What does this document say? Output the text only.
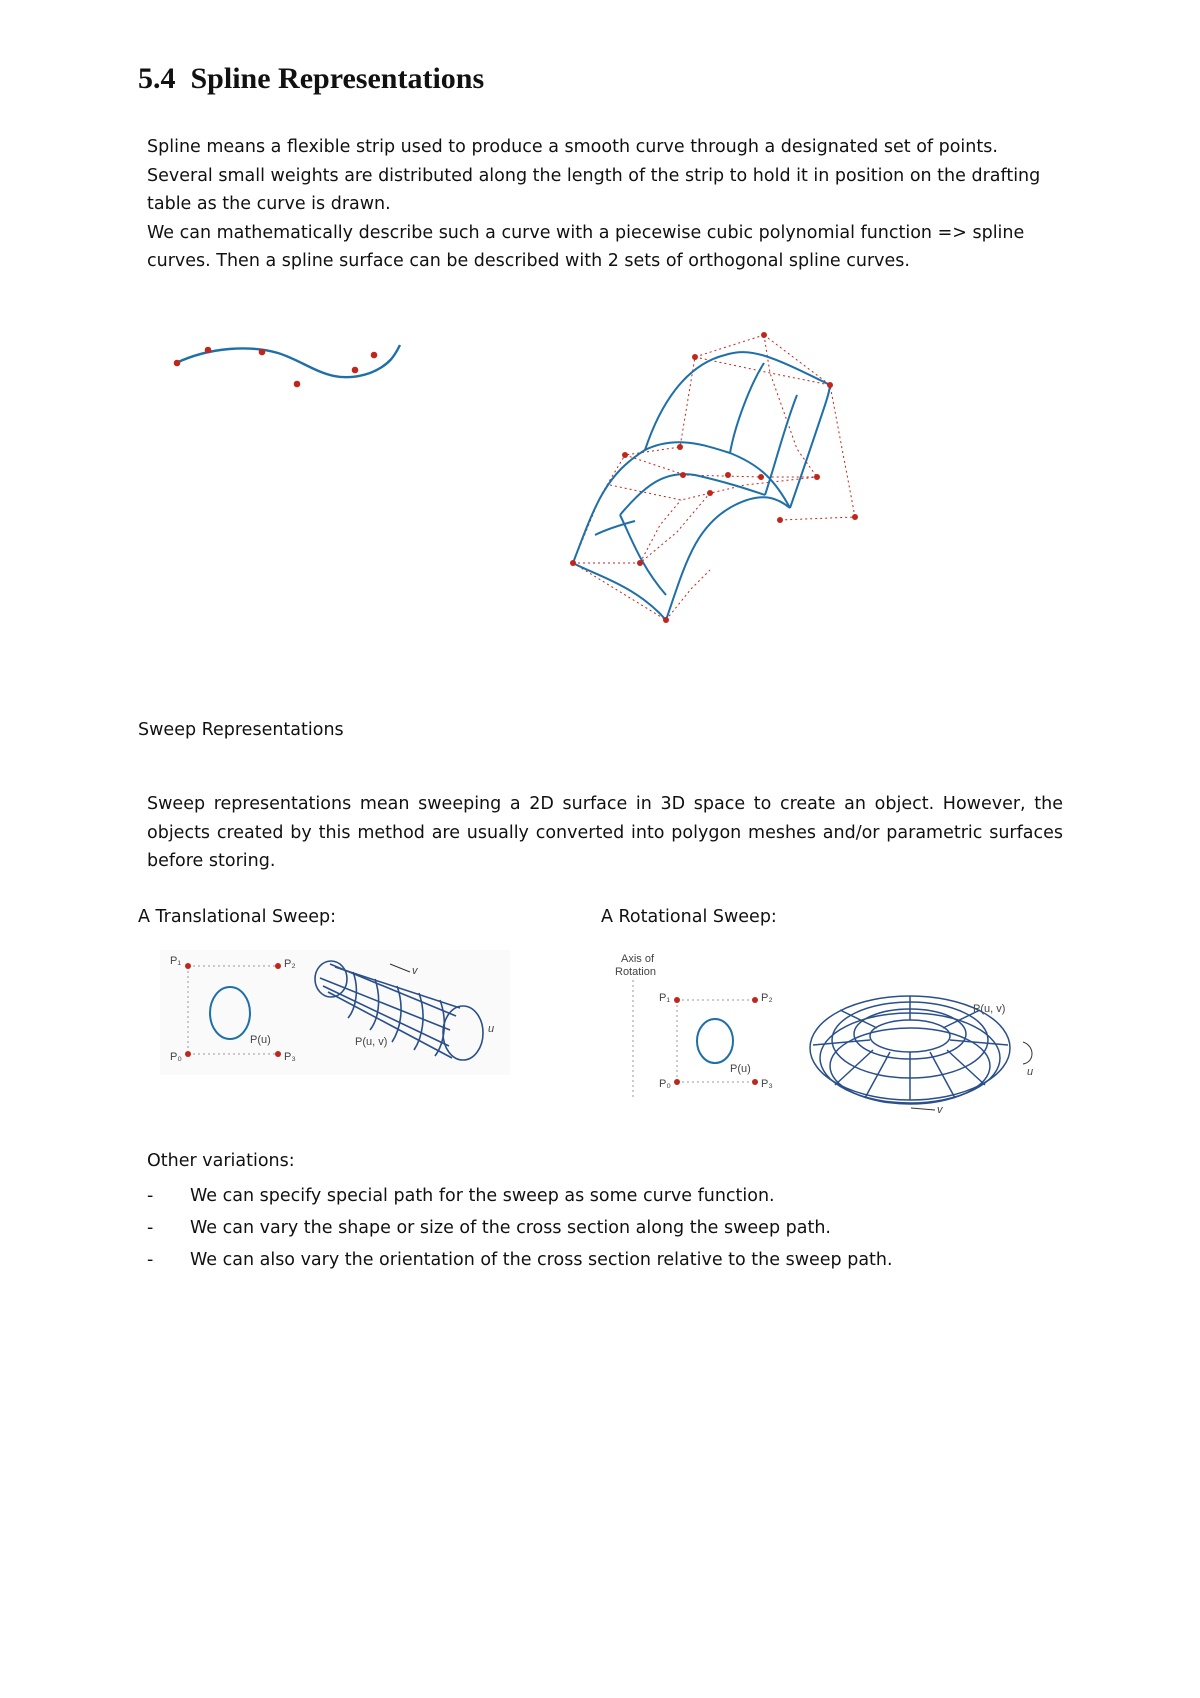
5.4 Spline Representations

Spline means a flexible strip used to produce a smooth curve through a designated set of points.

Several small weights are distributed along the length of the strip to hold it in position on the drafting

table as the curve is drawn.

We can mathematically describe such a curve with a piecewise cubic polynomial function => spline

curves. Then a spline surface can be described with 2 sets of orthogonal spline curves.

Sweep Representations

Sweep representations mean sweeping a 2D surface in 3D space to create an object. However, the objects created by this method are usually converted into polygon meshes and/or parametric surfaces before storing.

A Translational Sweep:	A Rotational Sweep:

P₁	P₂
P₀	P₃
P(u)
v
u
P(u, v)
Axis of
Rotation
P₁	P₂
P₀	P₃
P(u)
P(u, v)
u
v

Other variations:

- We can specify special path for the sweep as some curve function.
- We can vary the shape or size of the cross section along the sweep path.
- We can also vary the orientation of the cross section relative to the sweep path.
